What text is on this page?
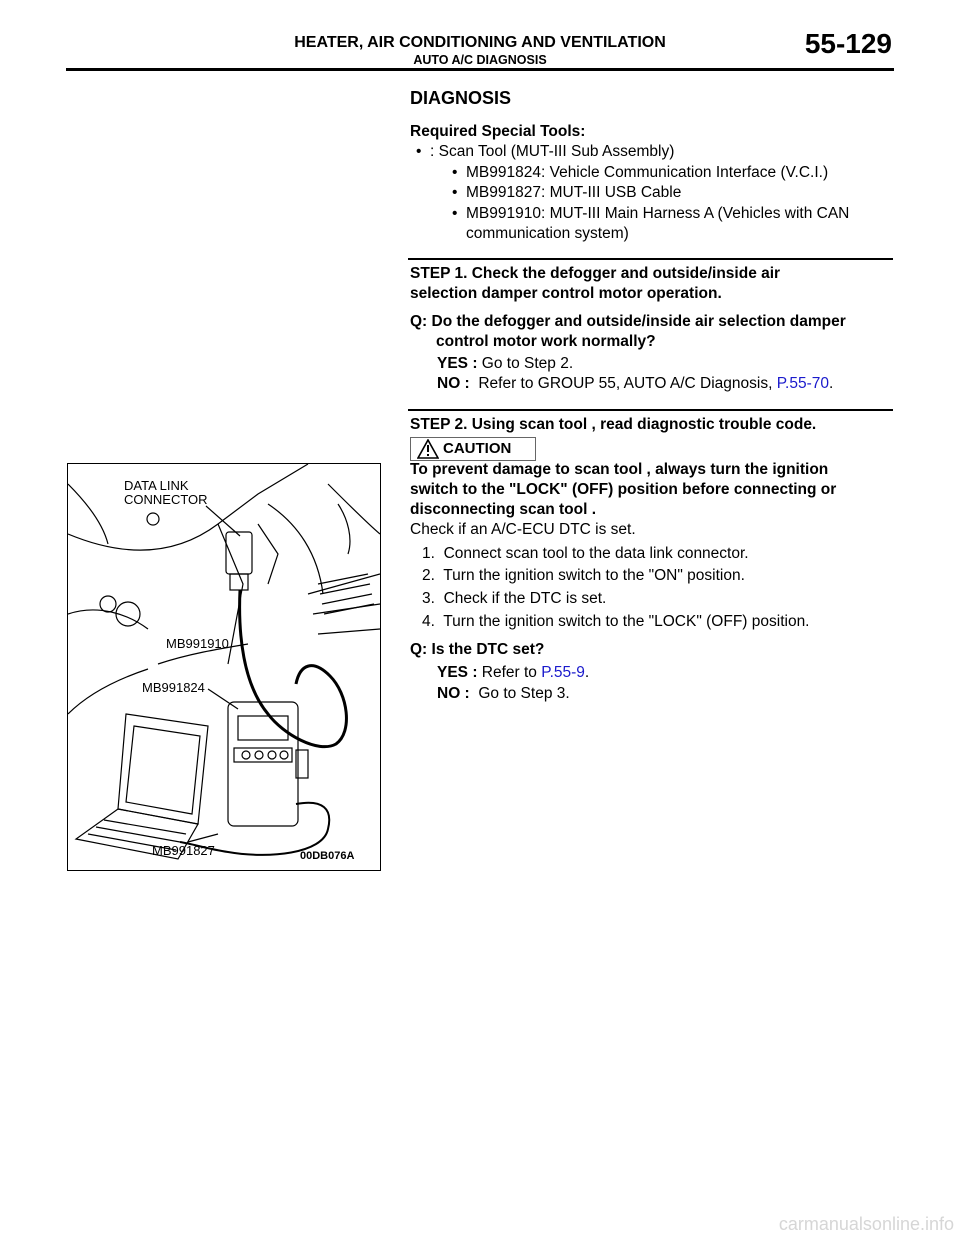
HEATER, AIR CONDITIONING AND VENTILATION
AUTO A/C DIAGNOSIS
55-129
DIAGNOSIS
Required Special Tools:
• : Scan Tool (MUT-III Sub Assembly)
• MB991824: Vehicle Communication Interface (V.C.I.)
• MB991827: MUT-III USB Cable
• MB991910: MUT-III Main Harness A (Vehicles with CAN
communication system)
STEP 1. Check the defogger and outside/inside air
selection damper control motor operation.
Q: Do the defogger and outside/inside air selection damper
control motor work normally?
YES : Go to Step 2.
NO : Refer to GROUP 55, AUTO A/C Diagnosis, P.55-70.
STEP 2. Using scan tool , read diagnostic trouble code.
CAUTION
To prevent damage to scan tool , always turn the ignition
switch to the "LOCK" (OFF) position before connecting or
disconnecting scan tool .
Check if an A/C-ECU DTC is set.
1. Connect scan tool to the data link connector.
2. Turn the ignition switch to the "ON" position.
3. Check if the DTC is set.
4. Turn the ignition switch to the "LOCK" (OFF) position.
Q: Is the DTC set?
YES : Refer to P.55-9.
NO : Go to Step 3.
DATA LINK
CONNECTOR
MB991910
MB991824
MB991827	00DB076A
carmanualsonline.info
